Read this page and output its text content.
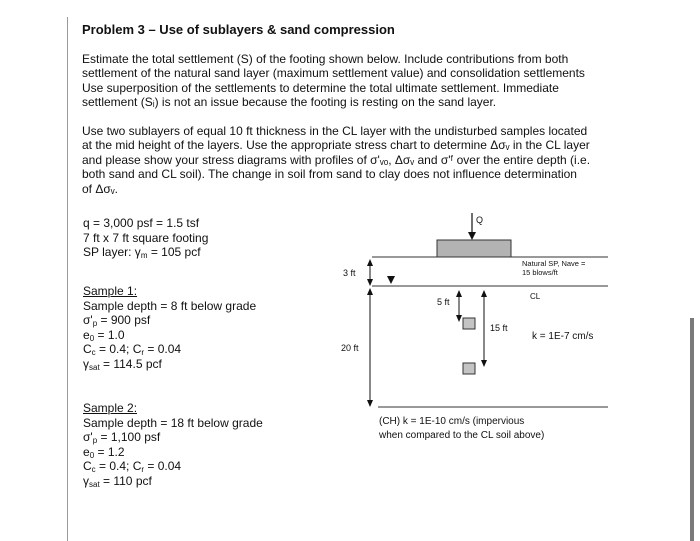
Problem 3 – Use of sublayers & sand compression
Estimate the total settlement (S) of the footing shown below. Include contributions from both
settlement of the natural sand layer (maximum settlement value) and consolidation settlements
Use superposition of the settlements to determine the total ultimate settlement. Immediate
settlement (Sᵢ) is not an issue because the footing is resting on the sand layer.
Use two sublayers of equal 10 ft thickness in the CL layer with the undisturbed samples located
at the mid height of the layers. Use the appropriate stress chart to determine Δσᵥ in the CL layer
and please show your stress diagrams with profiles of σ'ᵥₒ, Δσᵥ and σ'ᶠ over the entire depth (i.e.
both sand and CL soil). The change in soil from sand to clay does not influence determination
of Δσᵥ.
q = 3,000 psf = 1.5 tsf
7 ft x 7 ft square footing
SP layer: $\gamma_m = 105$ pcf
Sample 1:
Sample depth = 8 ft below grade
$\sigma'_p = 900$ psf
$e_0 = 1.0$
$C_c = 0.4$; $C_r = 0.04$
$\gamma_{sat} = 114.5$ pcf
Sample 2:
Sample depth = 18 ft below grade
$\sigma'_p = 1,100$ psf
$e_0 = 1.2$
$C_c = 0.4$; $C_r = 0.04$
$\gamma_{sat} = 110$ pcf
Q
3 ft
20 ft
5 ft
15 ft
Natural SP, Nave =
15 blows/ft
CL
k = 1E-7 cm/s
(CH) k = 1E-10 cm/s (impervious
when compared to the CL soil above)
